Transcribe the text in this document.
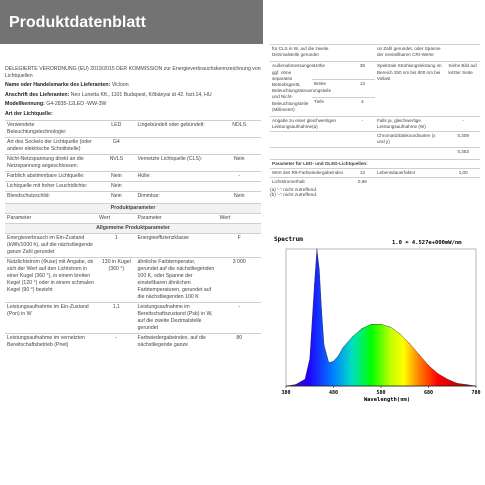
Produktdatenblatt
DELEGIERTE VERORDNUNG (EU) 2019/2015 DER KOMMISSION zur Energieverbrauchskennzeichnung von Lichtquellen
Name oder Handelsmarke des Lieferanten: Vicloon
Anschrift des Lieferanten: Neo Lunetta Kft., 1101 Budapest, Kőbányai út 42. fszt.14, HU
Modellkennung: G4-2835-12LED -WW-3W
Art der Lichtquelle:
Verwendete Beleuchtungstechnologie:	LED	Lingebündelt oder gebündelt:	NDLS
Art des Sockels der Lichtquelle (oder andere elektrische Schnittstelle)	G4		
Nicht-Netzspannung direkt an die Netzspannung angeschlossen:	NVLS	Vernetzte Lichtquelle (CLS):	Nein
Farblich abstimmbare Lichtquelle:	Nein	Hülle:	-
Lichtquelle mit hoher Leuchtdichte:	Nein		
Blendschutzschild:	Nein	Dimmbar:	Nein
Produktparameter			
Parameter	Wert	Parameter	Wert
Allgemeine Produktparameter			
Energieverbrauch im Ein-Zustand (kWh/1000 h), auf die nächstliegende ganze Zahl gerundet	1	Energieeffizienzklasse	F
Nutzlichtstrom (Φuse) mit Angabe, ob sich der Wert auf den Lichtstrom in einer Kugel (360 °), in einem breiten Kegel (120 °) oder in einem schmalen Kegel (90 °) bezieht	130 in Kugel (360 °)	ähnliche Farbtemperatur, gerundet auf die nächstliegenden 100 K, oder Spanne der einstellbaren ähnlichen Farbtemperaturen, gerundet auf die nächstliegenden 100 K	3 000
Leistungsaufnahme im Ein-Zustand (Pon) in W	1,1	Leistungsaufnahme im Bereitschaftszustand (Psb) in W, auf die zweite Dezimalstelle gerundet	-
Leistungsaufnahme im vernetzten Bereitschaftsbetrieb (Pnet)	-	Farbwiedergabeindex, auf die nächstliegende ganze	80
für CLS in W, auf die zweite Dezimalstelle gerundet		on Zahl gerundet, oder Spanne der einstellbaren CRI-Werte	
Außenabmessungen, ggf. ohne separates Betriebsgerät, Beleuchtungssteuerungsteile und Nicht-Beleuchtungsteile (Millimeter)	Höhe	38	Spektrale Strahlungsleistung im Bereich 250 nm bis 800 nm bei Vollast	Siehe Bild auf letzter Seite
	Breite	13		
	Tiefe	4		
Angabe zu einer gleichwertigen Leistungsaufnahme(a)	-	Falls ja, gleichwertige Leistungsaufnahme (W)	-
		Chromatizitätskoordinaten (x und y)	0,309
			0,353
Parameter für LED- und OLED-Lichtquellen:			
Wert des R9-Farbwiedergabeindex	13	Lebensdauerfaktor	1,00
Lichtstromerhalt	0,96		
(a) '-': nicht zutreffend.
(b) '-': nicht zutreffend.
Spectrum	1.0 = 4.527e+000mW/nm
380	480	580	680	780
Wavelength(nm)
